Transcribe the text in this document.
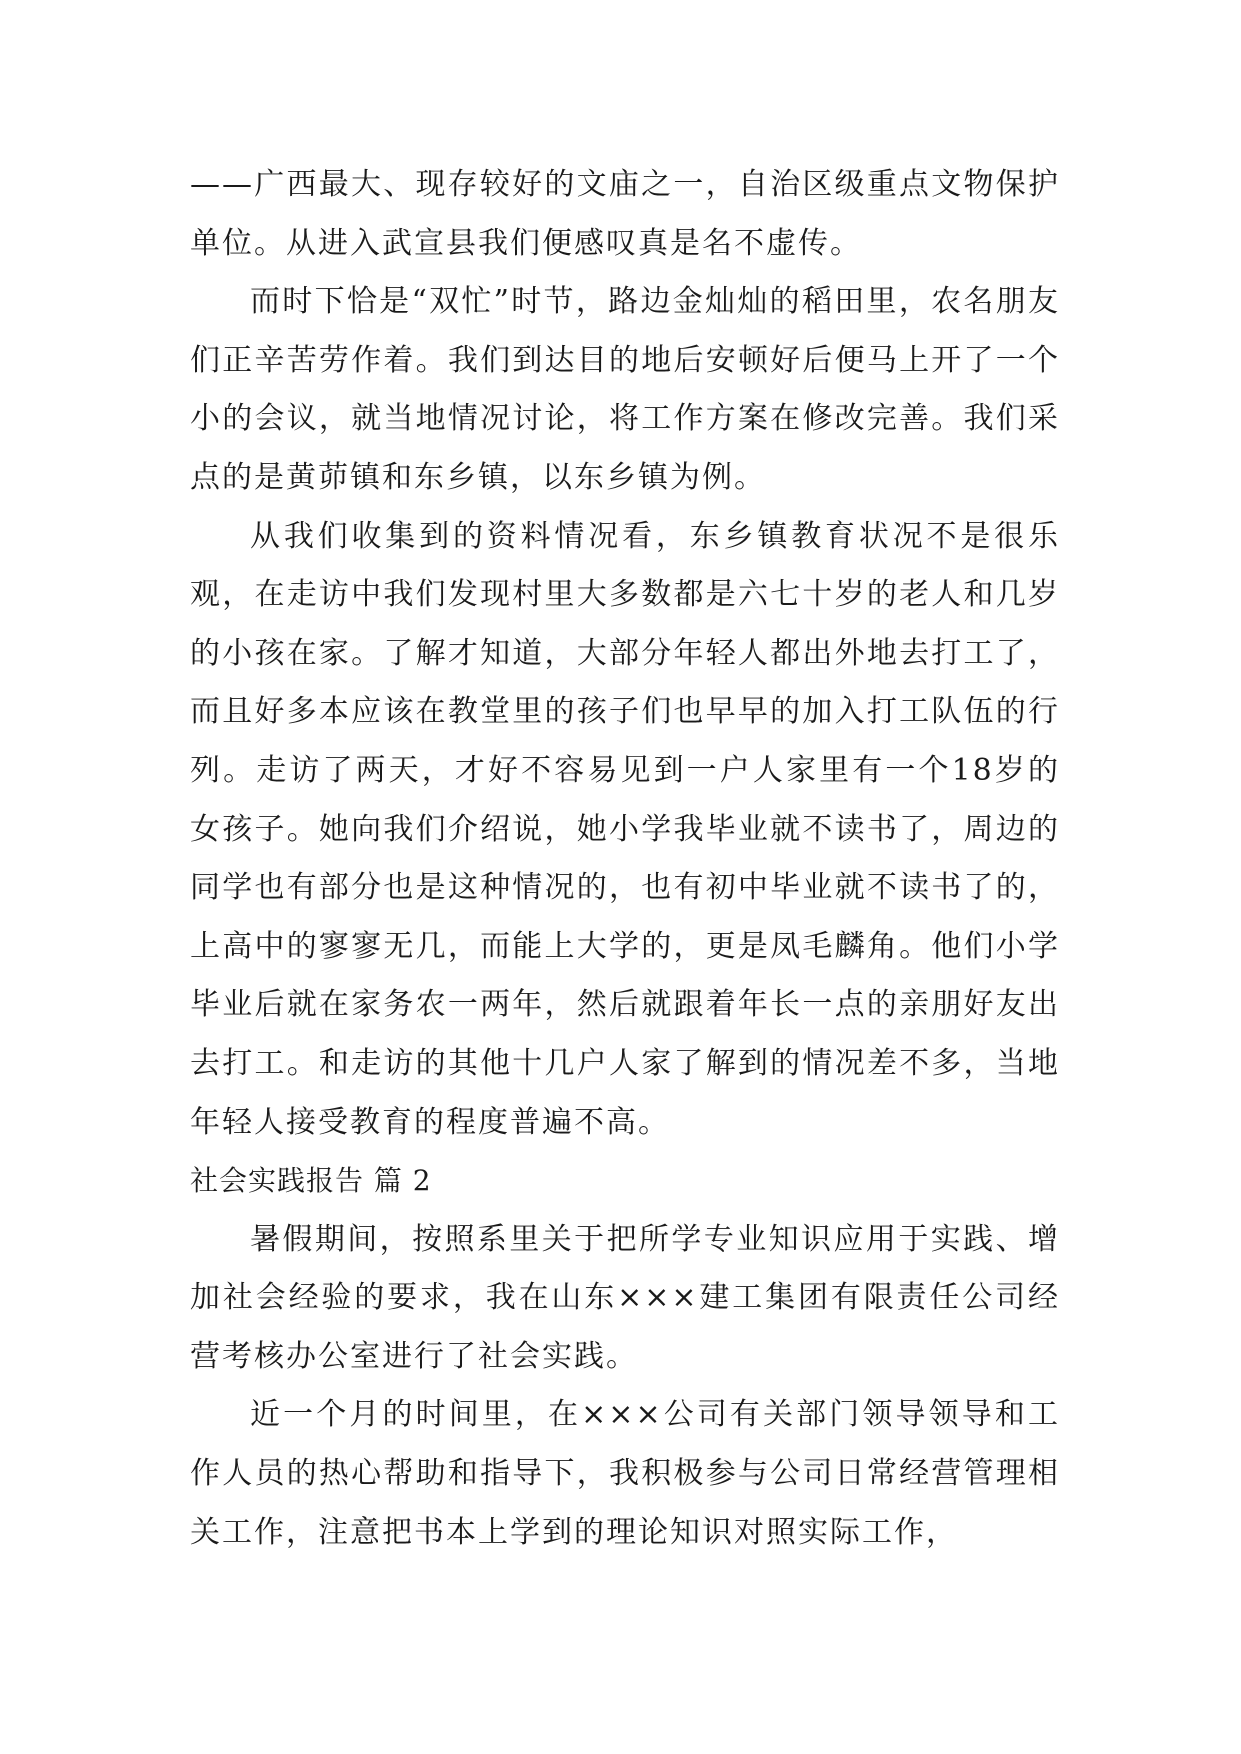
——广西最大、现存较好的文庙之一，自治区级重点文物保护单位。从进入武宣县我们便感叹真是名不虚传。

而时下恰是“双忙”时节，路边金灿灿的稻田里，农名朋友们正辛苦劳作着。我们到达目的地后安顿好后便马上开了一个小的会议，就当地情况讨论，将工作方案在修改完善。我们采点的是黄茆镇和东乡镇，以东乡镇为例。

从我们收集到的资料情况看，东乡镇教育状况不是很乐观，在走访中我们发现村里大多数都是六七十岁的老人和几岁的小孩在家。了解才知道，大部分年轻人都出外地去打工了，而且好多本应该在教堂里的孩子们也早早的加入打工队伍的行列。走访了两天，才好不容易见到一户人家里有一个18岁的女孩子。她向我们介绍说，她小学我毕业就不读书了，周边的同学也有部分也是这种情况的，也有初中毕业就不读书了的，上高中的寥寥无几，而能上大学的，更是凤毛麟角。他们小学毕业后就在家务农一两年，然后就跟着年长一点的亲朋好友出去打工。和走访的其他十几户人家了解到的情况差不多，当地年轻人接受教育的程度普遍不高。

社会实践报告 篇 2

暑假期间，按照系里关于把所学专业知识应用于实践、增加社会经验的要求，我在山东×××建工集团有限责任公司经营考核办公室进行了社会实践。

近一个月的时间里，在×××公司有关部门领导领导和工作人员的热心帮助和指导下，我积极参与公司日常经营管理相关工作，注意把书本上学到的理论知识对照实际工作，
